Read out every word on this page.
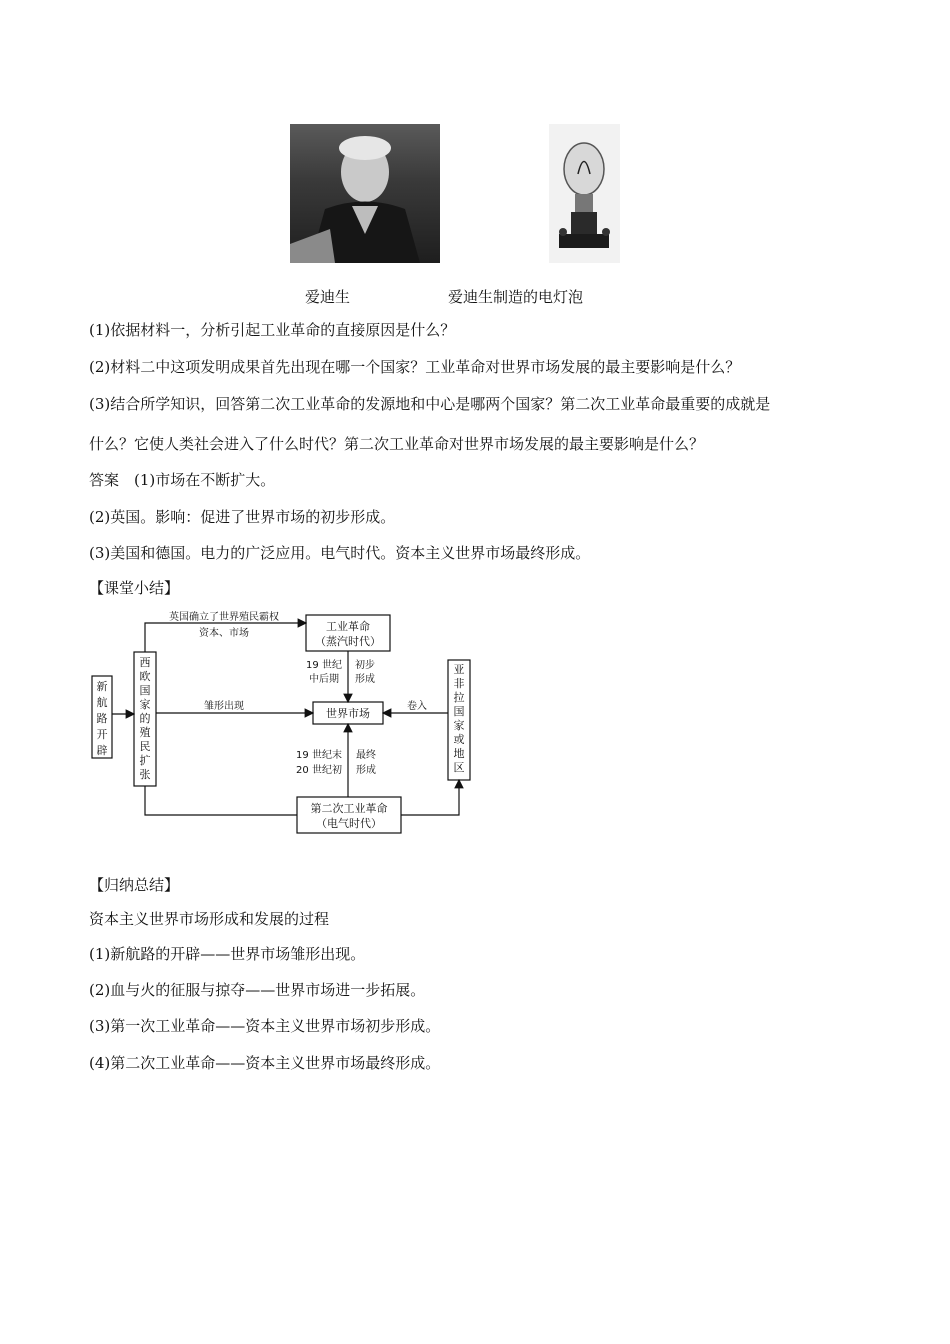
爱迪生	爱迪生制造的电灯泡
(1)依据材料一，分析引起工业革命的直接原因是什么？
(2)材料二中这项发明成果首先出现在哪一个国家？工业革命对世界市场发展的最主要影响是什么？
(3)结合所学知识，回答第二次工业革命的发源地和中心是哪两个国家？第二次工业革命最重要的成就是
什么？它使人类社会进入了什么时代？第二次工业革命对世界市场发展的最主要影响是什么？
答案　(1)市场在不断扩大。
(2)英国。影响：促进了世界市场的初步形成。
(3)美国和德国。电力的广泛应用。电气时代。资本主义世界市场最终形成。
【课堂小结】
新
航
路
开
辟
西
欧
国
家
的
殖
民
扩
张
亚
非
拉
国
家
或
地
区
工业革命
（蒸汽时代）
世界市场
第二次工业革命
（电气时代）
英国确立了世界殖民霸权
资本、市场
雏形出现	卷入
19 世纪
中后期
初步
形成
19 世纪末
20 世纪初
最终
形成
【归纳总结】
资本主义世界市场形成和发展的过程
(1)新航路的开辟——世界市场雏形出现。
(2)血与火的征服与掠夺——世界市场进一步拓展。
(3)第一次工业革命——资本主义世界市场初步形成。
(4)第二次工业革命——资本主义世界市场最终形成。
